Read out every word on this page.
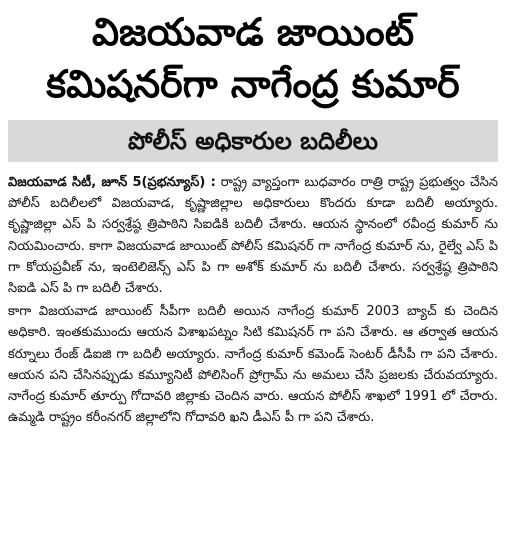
విజయవాడ జాయింట్
కమిషనర్‌గా నాగేంద్ర కుమార్
పోలీస్ అధికారుల బదిలీలు

విజయవాడ సిటీ, జూన్ 5(ప్రభన్యూస్) : రాష్ట్ర వ్యాప్తంగా బుధవారం రాత్రి రాష్ట్ర ప్రభుత్వం చేసిన పోలీస్ బదిలీలలో విజయవాడ, కృష్ణాజిల్లాల అధికారులు కొందరు కూడా బదిలీ అయ్యారు. కృష్ణాజిల్లా ఎస్ పి సర్వశ్రేష్ఠ త్రిపాఠిని సిఐడికి బదిలీ చేశారు. ఆయన స్థానంలో రవీంద్ర కుమార్ ను నియమించారు. కాగా విజయవాడ జాయింట్ పోలీస్ కమిషనర్ గా నాగేంద్ర కుమార్ ను, రైల్వే ఎస్ పి గా కోయప్రవీణ్ ను, ఇంటెలిజెన్స్ ఎస్ పి గా అశోక్ కుమార్ ను బదిలీ చేశారు. సర్వశ్రేష్ఠ త్రిపాఠిని సిఐడి ఎస్ పి గా బదిలీ చేశారు.

కాగా విజయవాడ జాయింట్ సీపీగా బదిలీ అయిన నాగేంద్ర కుమార్ 2003 బ్యాచ్ కు చెందిన అధికారి. ఇంతకుముందు ఆయన విశాఖపట్నం సిటి కమిషనర్ గా పని చేశారు. ఆ తర్వాత ఆయన కర్నూలు రేంజ్ డిఐజి గా బదిలీ అయ్యారు. నాగేంద్ర కుమార్ కమెండ్ సెంటర్ డీసీపీ గా పని చేశారు. ఆయన పని చేసినప్పుడు కమ్యూనిటీ పోలిసింగ్ ప్రోగ్రామ్ ను అమలు చేసి ప్రజలకు చేరువయ్యారు. నాగేంద్ర కుమార్ తూర్పు గోదావరి జిల్లాకు చెందిన వారు. ఆయన పోలీస్ శాఖలో 1991 లో చేరారు. ఉమ్మడి రాష్ట్రం కరీంనగర్ జిల్లాలోని గోదావరి ఖని డీఎస్ పీ గా పని చేశారు.
